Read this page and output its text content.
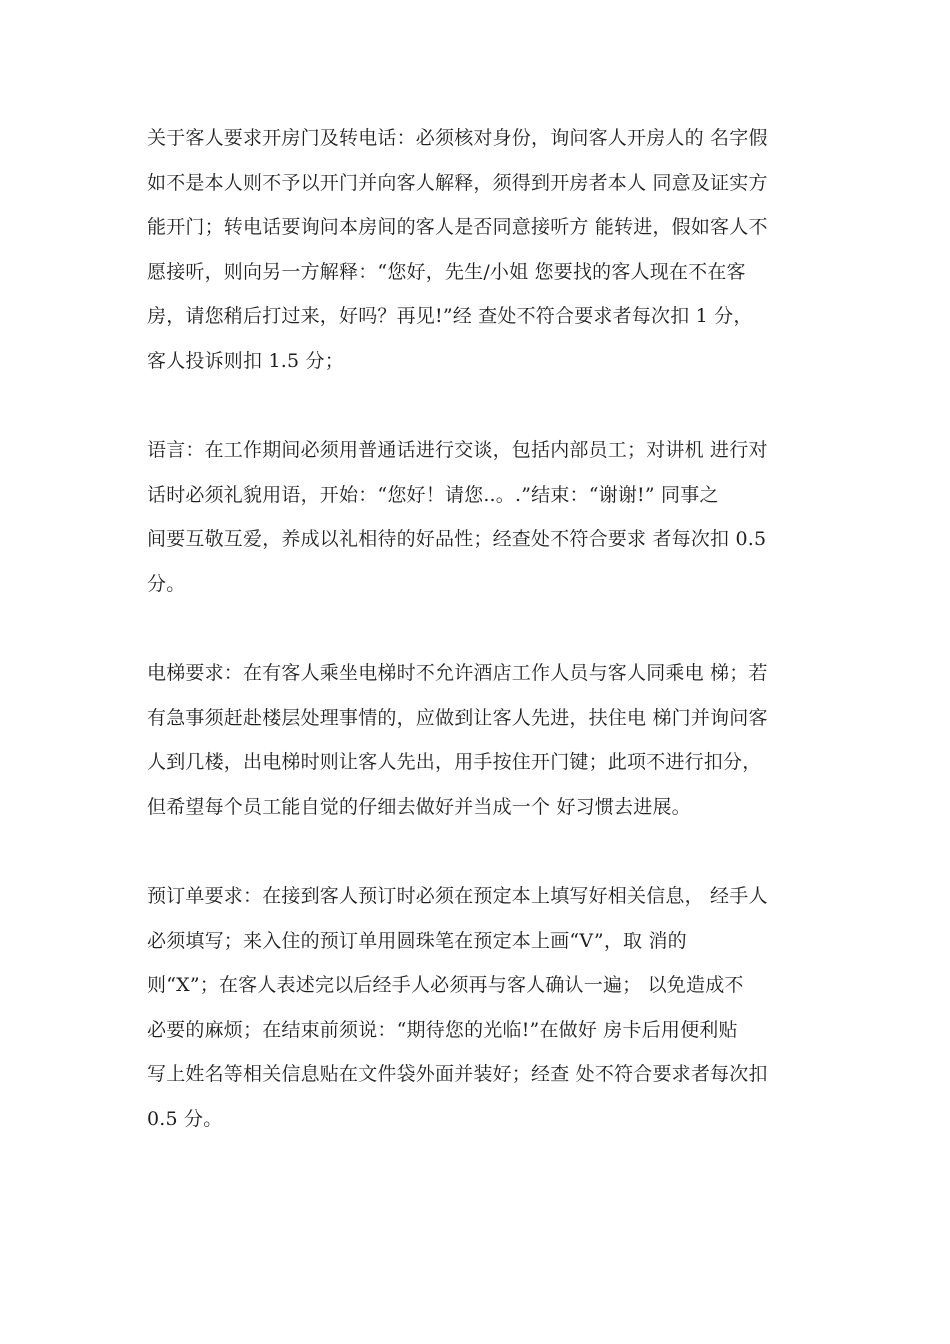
关于客人要求开房门及转电话：必须核对身份，询问客人开房人的 名字假
如不是本人则不予以开门并向客人解释，须得到开房者本人 同意及证实方
能开门；转电话要询问本房间的客人是否同意接听方 能转进，假如客人不
愿接听，则向另一方解释：“您好，先生/小姐 您要找的客人现在不在客
房，请您稍后打过来，好吗？再见!”经 查处不符合要求者每次扣 1 分，
客人投诉则扣 1.5 分；
语言：在工作期间必须用普通话进行交谈，包括内部员工；对讲机 进行对
话时必须礼貌用语，开始：“您好！请您..。.”结束：“谢谢!” 同事之
间要互敬互爱，养成以礼相待的好品性；经查处不符合要求 者每次扣 0.5
分。
电梯要求：在有客人乘坐电梯时不允许酒店工作人员与客人同乘电 梯；若
有急事须赶赴楼层处理事情的，应做到让客人先进，扶住电 梯门并询问客
人到几楼，出电梯时则让客人先出，用手按住开门键；此项不进行扣分，
但希望每个员工能自觉的仔细去做好并当成一个 好习惯去进展。
预订单要求：在接到客人预订时必须在预定本上填写好相关信息， 经手人
必须填写；来入住的预订单用圆珠笔在预定本上画“V”，取 消的
则“X”；在客人表述完以后经手人必须再与客人确认一遍； 以免造成不
必要的麻烦；在结束前须说：“期待您的光临!”在做好 房卡后用便利贴
写上姓名等相关信息贴在文件袋外面并装好；经查 处不符合要求者每次扣
0.5 分。
